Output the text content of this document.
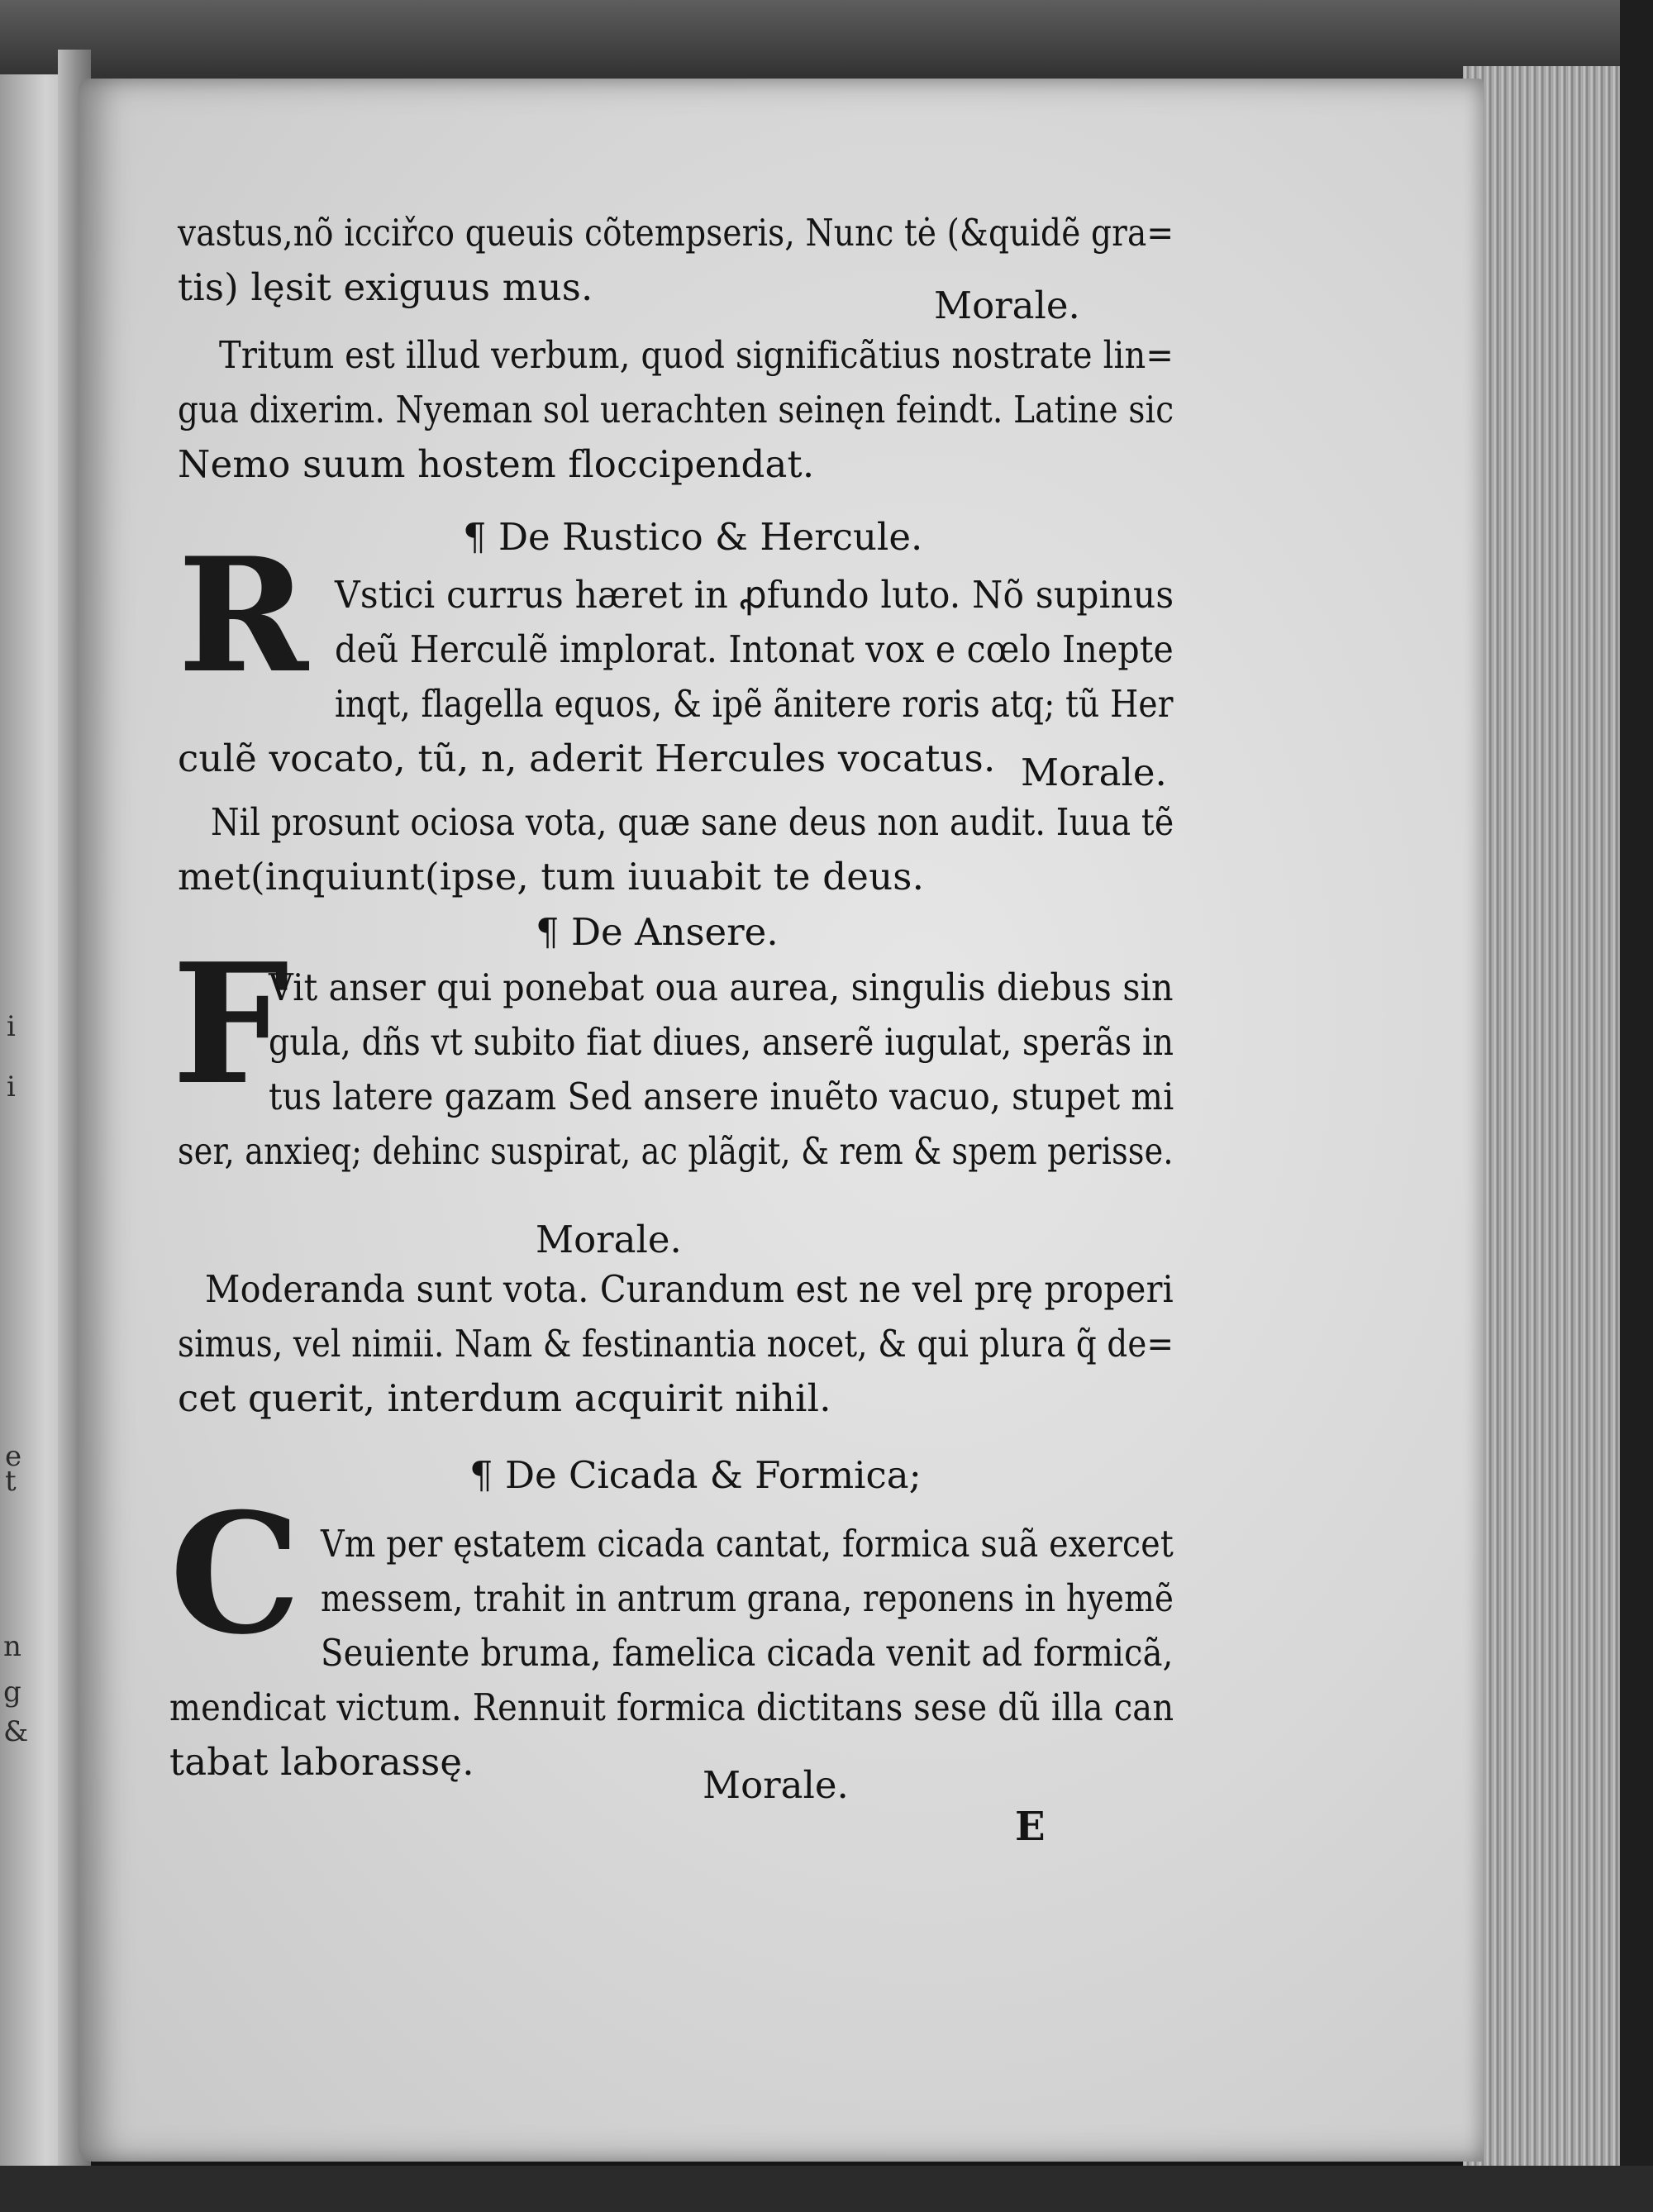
i
i
e
t
n
g
&
vastus,nõ icciřco queuis cõtempseris, Nunc tė (&quidẽ gra=
tis) lęsit exiguus mus.	Morale.
Tritum est illud verbum, quod significãtius nostrate lin=
gua dixerim. Nyeman sol uerachten seinęn feindt. Latine sic
Nemo suum hostem floccipendat.
¶ De Rustico & Hercule.
R Vstici currus hæret in ꝓfundo luto. Nõ supinus
deũ Herculẽ implorat. Intonat vox e cœlo Inepte
inqt, flagella equos, & ipẽ ãnitere roris atq; tũ Her
culẽ vocato, tũ, n, aderit Hercules vocatus. Morale.
Nil prosunt ociosa vota, quæ sane deus non audit. Iuua tẽ
met(inquiunt(ipse, tum iuuabit te deus.
¶ De Ansere.
F
Vit anser qui ponebat oua aurea, singulis diebus sin
gula, dñs vt subito fiat diues, anserẽ iugulat, sperãs in
tus latere gazam Sed ansere inuẽto vacuo, stupet mi
ser, anxieq; dehinc suspirat, ac plãgit, & rem & spem perisse.
Morale.
Moderanda sunt vota. Curandum est ne vel prę properi
simus, vel nimii. Nam & festinantia nocet, & qui plura q̃ de=
cet querit, interdum acquirit nihil.
¶ De Cicada & Formica;
C Vm per ęstatem cicada cantat, formica suã exercet
messem, trahit in antrum grana, reponens in hyemẽ
Seuiente bruma, famelica cicada venit ad formicã,
mendicat victum. Rennuit formica dictitans sese dũ illa can
tabat laborassę.
Morale.
E
